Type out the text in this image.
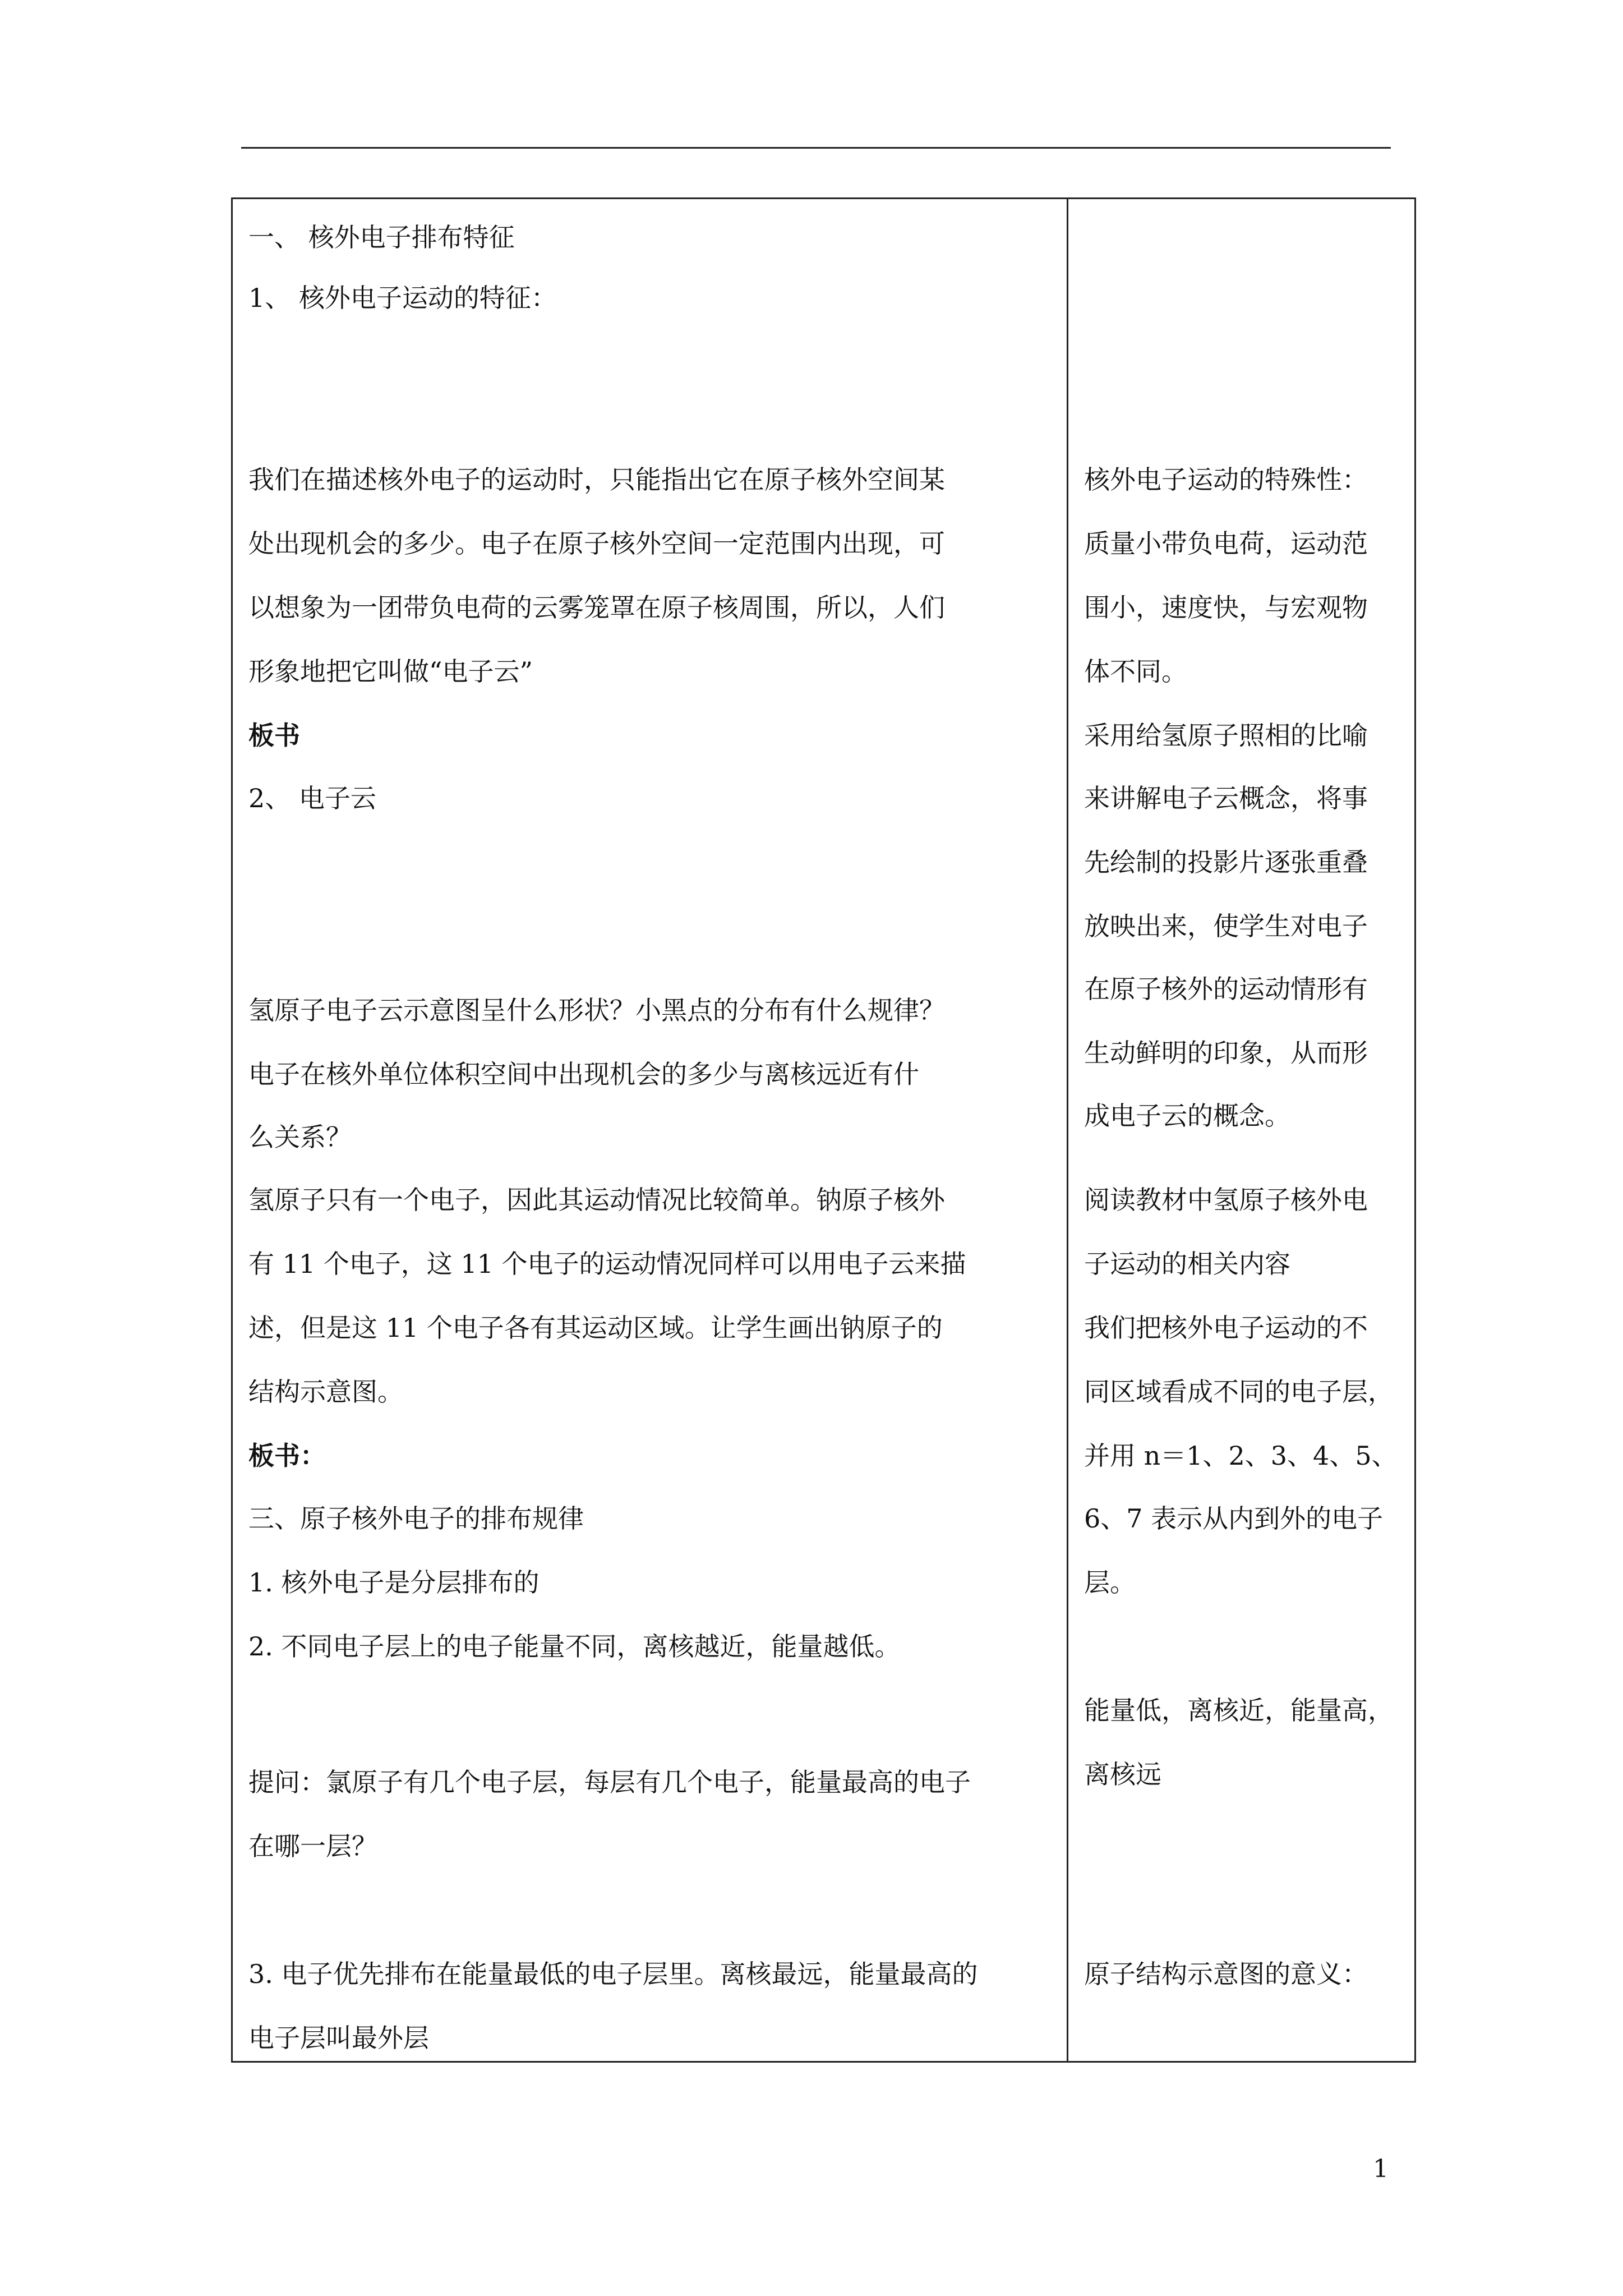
一、 核外电子排布特征
1、 核外电子运动的特征：
我们在描述核外电子的运动时，只能指出它在原子核外空间某
处出现机会的多少。电子在原子核外空间一定范围内出现，可
以想象为一团带负电荷的云雾笼罩在原子核周围，所以，人们
形象地把它叫做“电子云”
板书
2、 电子云
氢原子电子云示意图呈什么形状？小黑点的分布有什么规律？
电子在核外单位体积空间中出现机会的多少与离核远近有什
么关系？
氢原子只有一个电子，因此其运动情况比较简单。钠原子核外
有 11 个电子，这 11 个电子的运动情况同样可以用电子云来描
述，但是这 11 个电子各有其运动区域。让学生画出钠原子的
结构示意图。
板书：
三、原子核外电子的排布规律
1. 核外电子是分层排布的
2. 不同电子层上的电子能量不同，离核越近，能量越低。
提问：氯原子有几个电子层，每层有几个电子，能量最高的电子
在哪一层？
3. 电子优先排布在能量最低的电子层里。离核最远，能量最高的
电子层叫最外层
核外电子运动的特殊性：
质量小带负电荷，运动范
围小，速度快，与宏观物
体不同。
采用给氢原子照相的比喻
来讲解电子云概念，将事
先绘制的投影片逐张重叠
放映出来，使学生对电子
在原子核外的运动情形有
生动鲜明的印象，从而形
成电子云的概念。
阅读教材中氢原子核外电
子运动的相关内容
我们把核外电子运动的不
同区域看成不同的电子层，
并用 n＝1、2、3、4、5、
6、7 表示从内到外的电子
层。
能量低，离核近，能量高，
离核远
原子结构示意图的意义：
1
